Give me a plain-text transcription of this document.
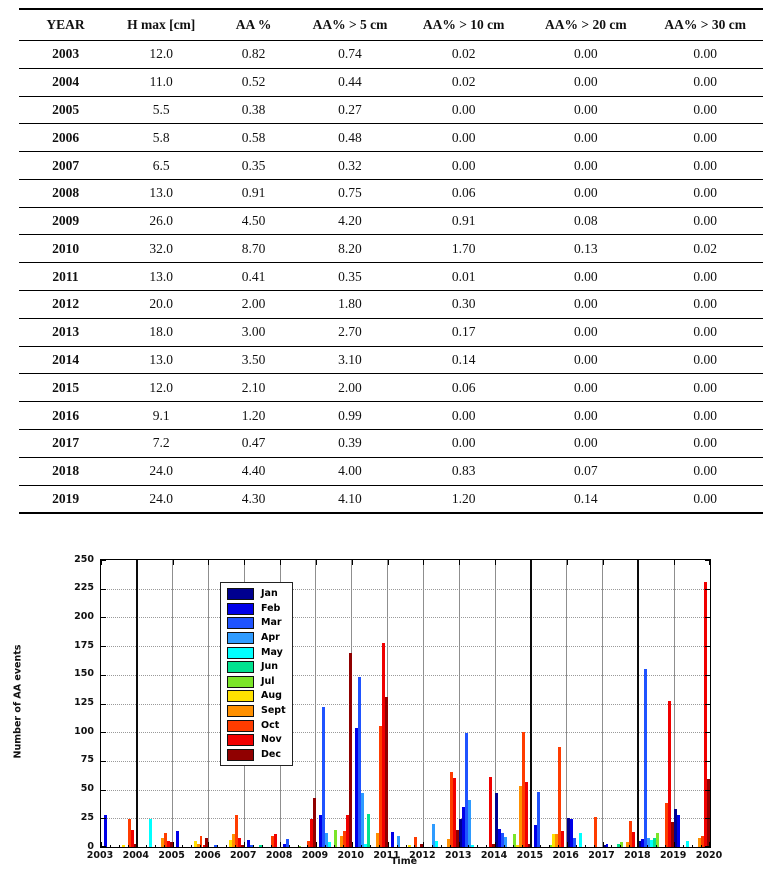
YEAR	H max [cm]	AA %	AA% > 5 cm	AA% > 10 cm	AA% > 20 cm	AA% > 30 cm
2003	12.0	0.82	0.74	0.02	0.00	0.00
2004	11.0	0.52	0.44	0.02	0.00	0.00
2005	5.5	0.38	0.27	0.00	0.00	0.00
2006	5.8	0.58	0.48	0.00	0.00	0.00
2007	6.5	0.35	0.32	0.00	0.00	0.00
2008	13.0	0.91	0.75	0.06	0.00	0.00
2009	26.0	4.50	4.20	0.91	0.08	0.00
2010	32.0	8.70	8.20	1.70	0.13	0.02
2011	13.0	0.41	0.35	0.01	0.00	0.00
2012	20.0	2.00	1.80	0.30	0.00	0.00
2013	18.0	3.00	2.70	0.17	0.00	0.00
2014	13.0	3.50	3.10	0.14	0.00	0.00
2015	12.0	2.10	2.00	0.06	0.00	0.00
2016	9.1	1.20	0.99	0.00	0.00	0.00
2017	7.2	0.47	0.39	0.00	0.00	0.00
2018	24.0	4.40	4.00	0.83	0.07	0.00
2019	24.0	4.30	4.10	1.20	0.14	0.00
Jan
Feb
Mar
Apr
May
Jun
Jul
Aug
Sept
Oct
Nov
Dec
Number of AA events
Time
0
25
50
75
100
125
150
175
200
225
250
2003 2004 2005 2006 2007 2008 2009 2010 2011 2012 2013 2014 2015 2016 2017 2018 2019 2020
